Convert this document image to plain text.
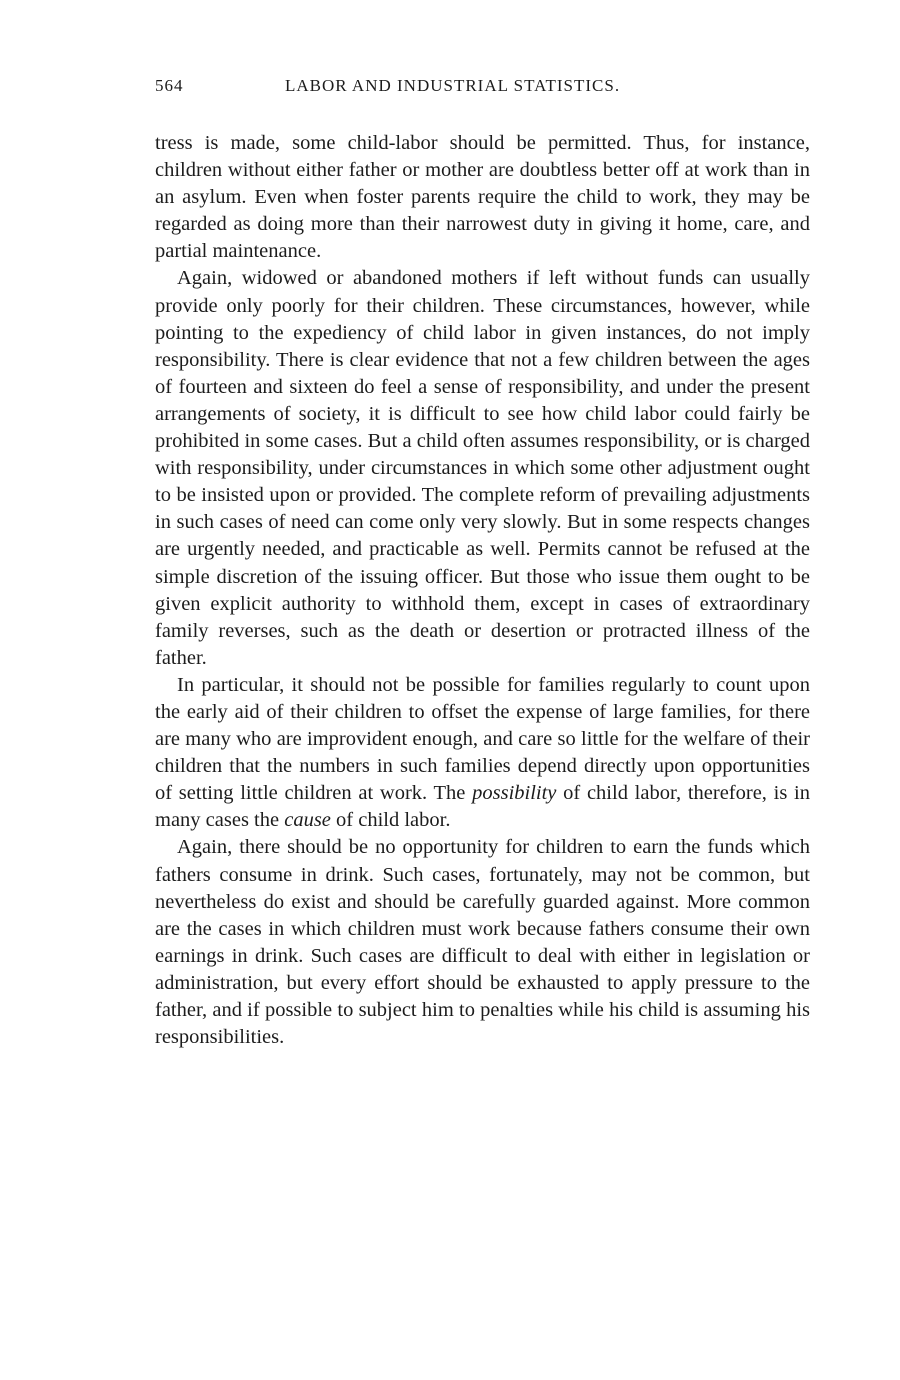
564	LABOR AND INDUSTRIAL STATISTICS.

tress is made, some child-labor should be permitted. Thus, for instance, children without either father or mother are doubtless better off at work than in an asylum. Even when foster parents require the child to work, they may be regarded as doing more than their narrowest duty in giving it home, care, and partial maintenance.

Again, widowed or abandoned mothers if left without funds can usually provide only poorly for their children. These circumstances, however, while pointing to the expediency of child labor in given instances, do not imply responsibility. There is clear evidence that not a few children between the ages of fourteen and sixteen do feel a sense of responsibility, and under the present arrangements of society, it is difficult to see how child labor could fairly be prohibited in some cases. But a child often assumes responsibility, or is charged with responsibility, under circumstances in which some other adjustment ought to be insisted upon or provided. The complete reform of prevailing adjustments in such cases of need can come only very slowly. But in some respects changes are urgently needed, and practicable as well. Permits cannot be refused at the simple discretion of the issuing officer. But those who issue them ought to be given explicit authority to withhold them, except in cases of extraordinary family reverses, such as the death or desertion or protracted illness of the father.

In particular, it should not be possible for families regularly to count upon the early aid of their children to offset the expense of large families, for there are many who are improvident enough, and care so little for the welfare of their children that the numbers in such families depend directly upon opportunities of setting little children at work. The possibility of child labor, therefore, is in many cases the cause of child labor.

Again, there should be no opportunity for children to earn the funds which fathers consume in drink. Such cases, fortunately, may not be common, but nevertheless do exist and should be carefully guarded against. More common are the cases in which children must work because fathers consume their own earnings in drink. Such cases are difficult to deal with either in legislation or administration, but every effort should be exhausted to apply pressure to the father, and if possible to subject him to penalties while his child is assuming his responsibilities.
